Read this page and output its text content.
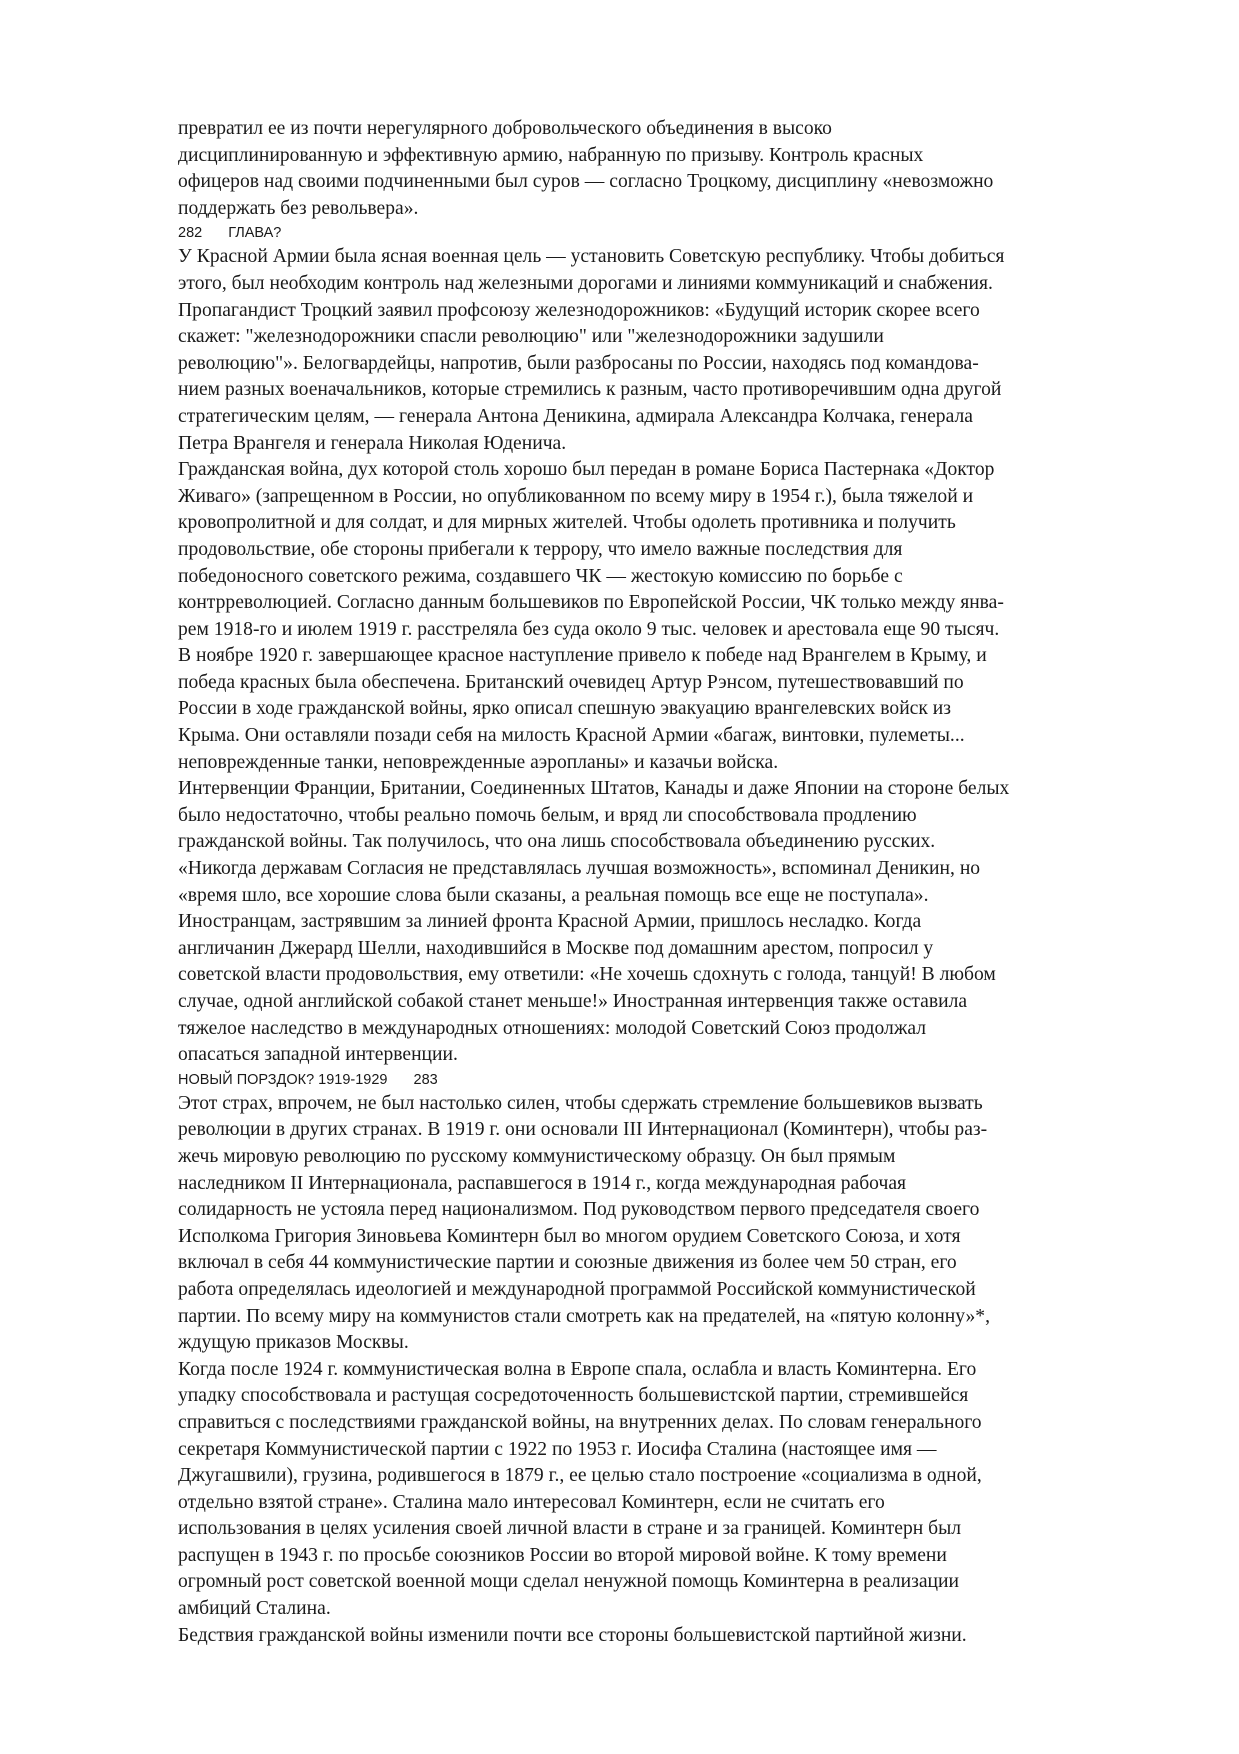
превратил ее из почти нерегулярного добровольческого объединения в высоко
дисциплинированную и эффективную армию, набранную по призыву. Контроль красных
офицеров над своими подчиненными был суров — согласно Троцкому, дисциплину «невозможно
поддержать без револьвера».
282 ГЛАВА?
У Красной Армии была ясная военная цель — установить Советскую республику. Чтобы добиться
этого, был необходим контроль над железными дорогами и линиями коммуникаций и снабжения.
Пропагандист Троцкий заявил профсоюзу железнодорожников: «Будущий историк скорее всего
скажет: "железнодорожники спасли революцию" или "железнодорожники задушили
революцию"». Белогвардейцы, напротив, были разбросаны по России, находясь под командова-
нием разных военачальников, которые стремились к разным, часто противоречившим одна другой
стратегическим целям, — генерала Антона Деникина, адмирала Александра Колчака, генерала
Петра Врангеля и генерала Николая Юденича.
Гражданская война, дух которой столь хорошо был передан в романе Бориса Пастернака «Доктор
Живаго» (запрещенном в России, но опубликованном по всему миру в 1954 г.), была тяжелой и
кровопролитной и для солдат, и для мирных жителей. Чтобы одолеть противника и получить
продовольствие, обе стороны прибегали к террору, что имело важные последствия для
победоносного советского режима, создавшего ЧК — жестокую комиссию по борьбе с
контрреволюцией. Согласно данным большевиков по Европейской России, ЧК только между янва-
рем 1918-го и июлем 1919 г. расстреляла без суда около 9 тыс. человек и арестовала еще 90 тысяч.
В ноябре 1920 г. завершающее красное наступление привело к победе над Врангелем в Крыму, и
победа красных была обеспечена. Британский очевидец Артур Рэнсом, путешествовавший по
России в ходе гражданской войны, ярко описал спешную эвакуацию врангелевских войск из
Крыма. Они оставляли позади себя на милость Красной Армии «багаж, винтовки, пулеметы...
неповрежденные танки, неповрежденные аэропланы» и казачьи войска.
Интервенции Франции, Британии, Соединенных Штатов, Канады и даже Японии на стороне белых
было недостаточно, чтобы реально помочь белым, и вряд ли способствовала продлению
гражданской войны. Так получилось, что она лишь способствовала объединению русских.
«Никогда державам Согласия не представлялась лучшая возможность», вспоминал Деникин, но
«время шло, все хорошие слова были сказаны, а реальная помощь все еще не поступала».
Иностранцам, застрявшим за линией фронта Красной Армии, пришлось несладко. Когда
англичанин Джерард Шелли, находившийся в Москве под домашним арестом, попросил у
советской власти продовольствия, ему ответили: «Не хочешь сдохнуть с голода, танцуй! В любом
случае, одной английской собакой станет меньше!» Иностранная интервенция также оставила
тяжелое наследство в международных отношениях: молодой Советский Союз продолжал
опасаться западной интервенции.
НОВЫЙ ПОРЗДОК? 1919-1929 283
Этот страх, впрочем, не был настолько силен, чтобы сдержать стремление большевиков вызвать
революции в других странах. В 1919 г. они основали III Интернационал (Коминтерн), чтобы раз-
жечь мировую революцию по русскому коммунистическому образцу. Он был прямым
наследником II Интернационала, распавшегося в 1914 г., когда международная рабочая
солидарность не устояла перед национализмом. Под руководством первого председателя своего
Исполкома Григория Зиновьева Коминтерн был во многом орудием Советского Союза, и хотя
включал в себя 44 коммунистические партии и союзные движения из более чем 50 стран, его
работа определялась идеологией и международной программой Российской коммунистической
партии. По всему миру на коммунистов стали смотреть как на предателей, на «пятую колонну»*,
ждущую приказов Москвы.
Когда после 1924 г. коммунистическая волна в Европе спала, ослабла и власть Коминтерна. Его
упадку способствовала и растущая сосредоточенность большевистской партии, стремившейся
справиться с последствиями гражданской войны, на внутренних делах. По словам генерального
секретаря Коммунистической партии с 1922 по 1953 г. Иосифа Сталина (настоящее имя —
Джугашвили), грузина, родившегося в 1879 г., ее целью стало построение «социализма в одной,
отдельно взятой стране». Сталина мало интересовал Коминтерн, если не считать его
использования в целях усиления своей личной власти в стране и за границей. Коминтерн был
распущен в 1943 г. по просьбе союзников России во второй мировой войне. К тому времени
огромный рост советской военной мощи сделал ненужной помощь Коминтерна в реализации
амбиций Сталина.
Бедствия гражданской войны изменили почти все стороны большевистской партийной жизни.
